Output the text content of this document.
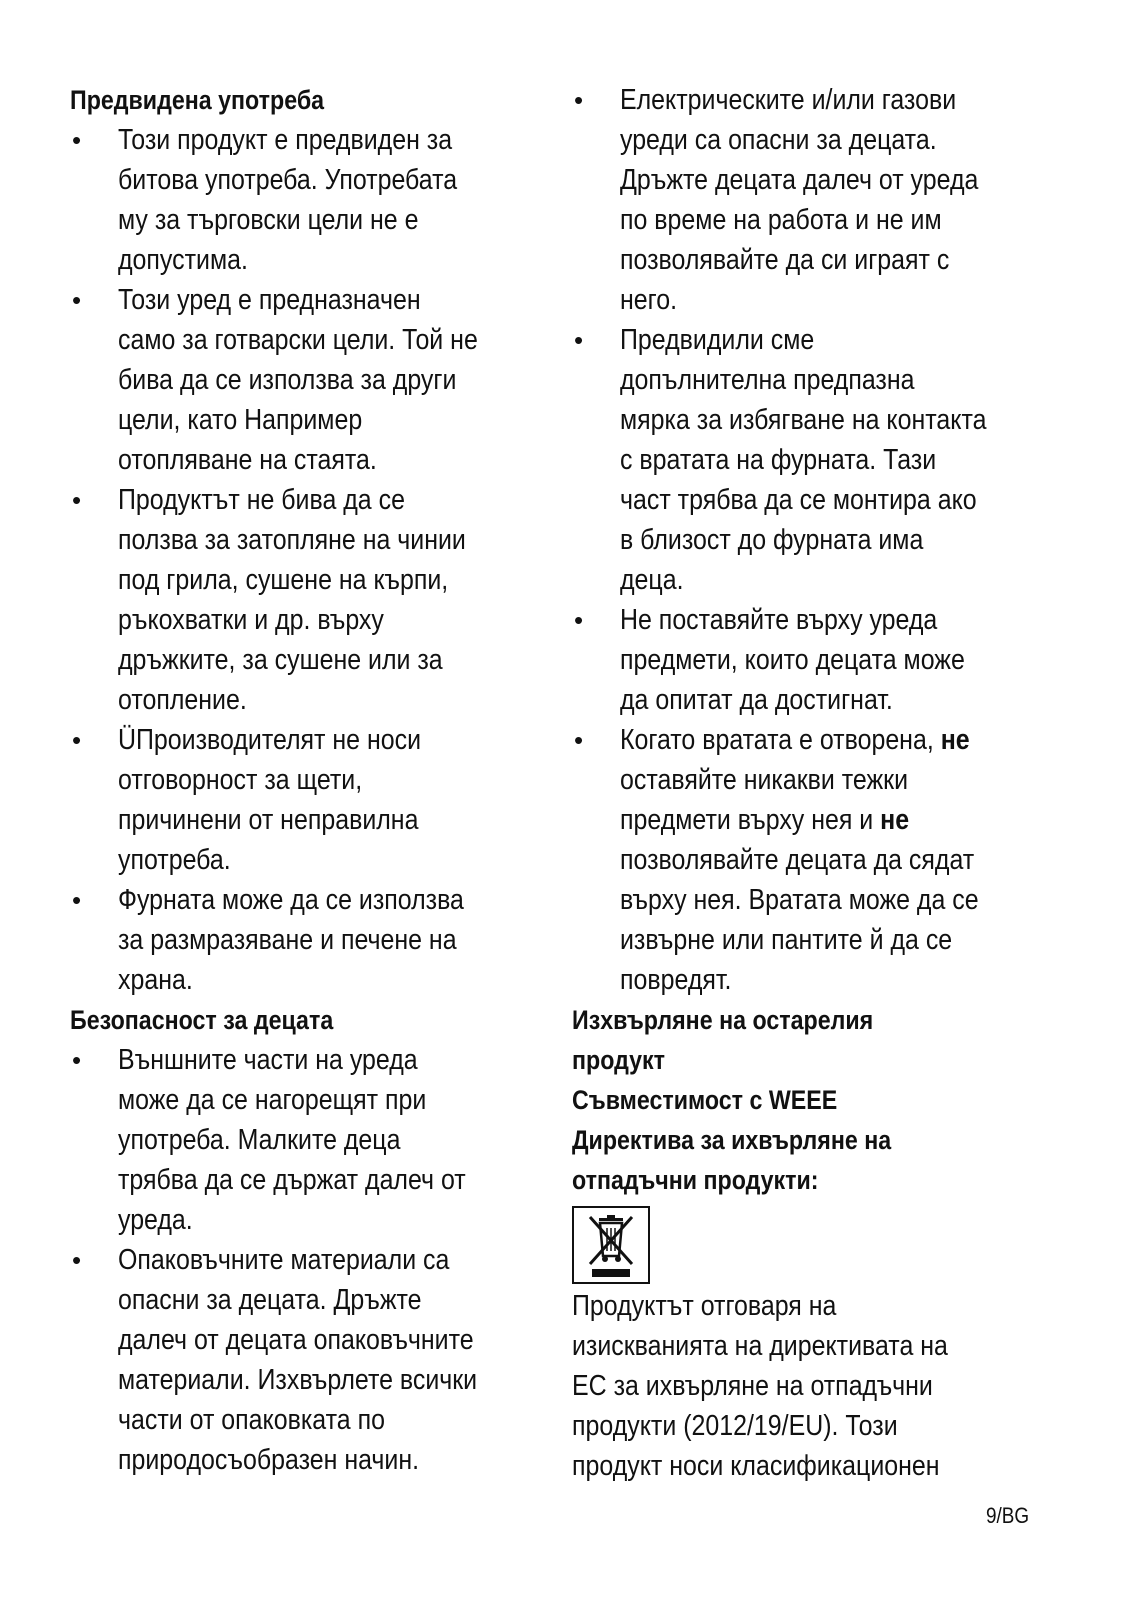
Предвидена употреба
• Този продукт е предвиден за
битова употреба. Употребата
му за търговски цели не е
допустима.
• Този уред е предназначен
само за готварски цели. Той не
бива да се използва за други
цели, като Например
отопляване на стаята.
• Продуктът не бива да се
ползва за затопляне на чинии
под грила, сушене на кърпи,
ръкохватки и др. върху
дръжките, за сушене или за
отопление.
• ÜПроизводителят не носи
отговорност за щети,
причинени от неправилна
употреба.
• Фурната може да се използва
за размразяване и печене на
храна.
Безопасност за децата
• Външните части на уреда
може да се нагорещят при
употреба. Малките деца
трябва да се държат далеч от
уреда.
• Опаковъчните материали са
опасни за децата. Дръжте
далеч от децата опаковъчните
материали. Изхвърлете всички
части от опаковката по
природосъобразен начин.
• Електрическите и/или газови
уреди са опасни за децата.
Дръжте децата далеч от уреда
по време на работа и не им
позволявайте да си играят с
него.
• Предвидили сме
допълнителна предпазна
мярка за избягване на контакта
с вратата на фурната. Тази
част трябва да се монтира ако
в близост до фурната има
деца.
• Не поставяйте върху уреда
предмети, които децата може
да опитат да достигнат.
• Когато вратата е отворена, не
оставяйте никакви тежки
предмети върху нея и не
позволявайте децата да сядат
върху нея. Вратата може да се
извърне или пантите й да се
повредят.
Изхвърляне на остарелия
продукт
Съвместимост с WEEE
Директива за ихвърляне на
отпадъчни продукти:
Продуктът отговаря на
изискванията на директивата на
ЕС за ихвърляне на отпадъчни
продукти (2012/19/EU). Този
продукт носи класификационен
9/BG
